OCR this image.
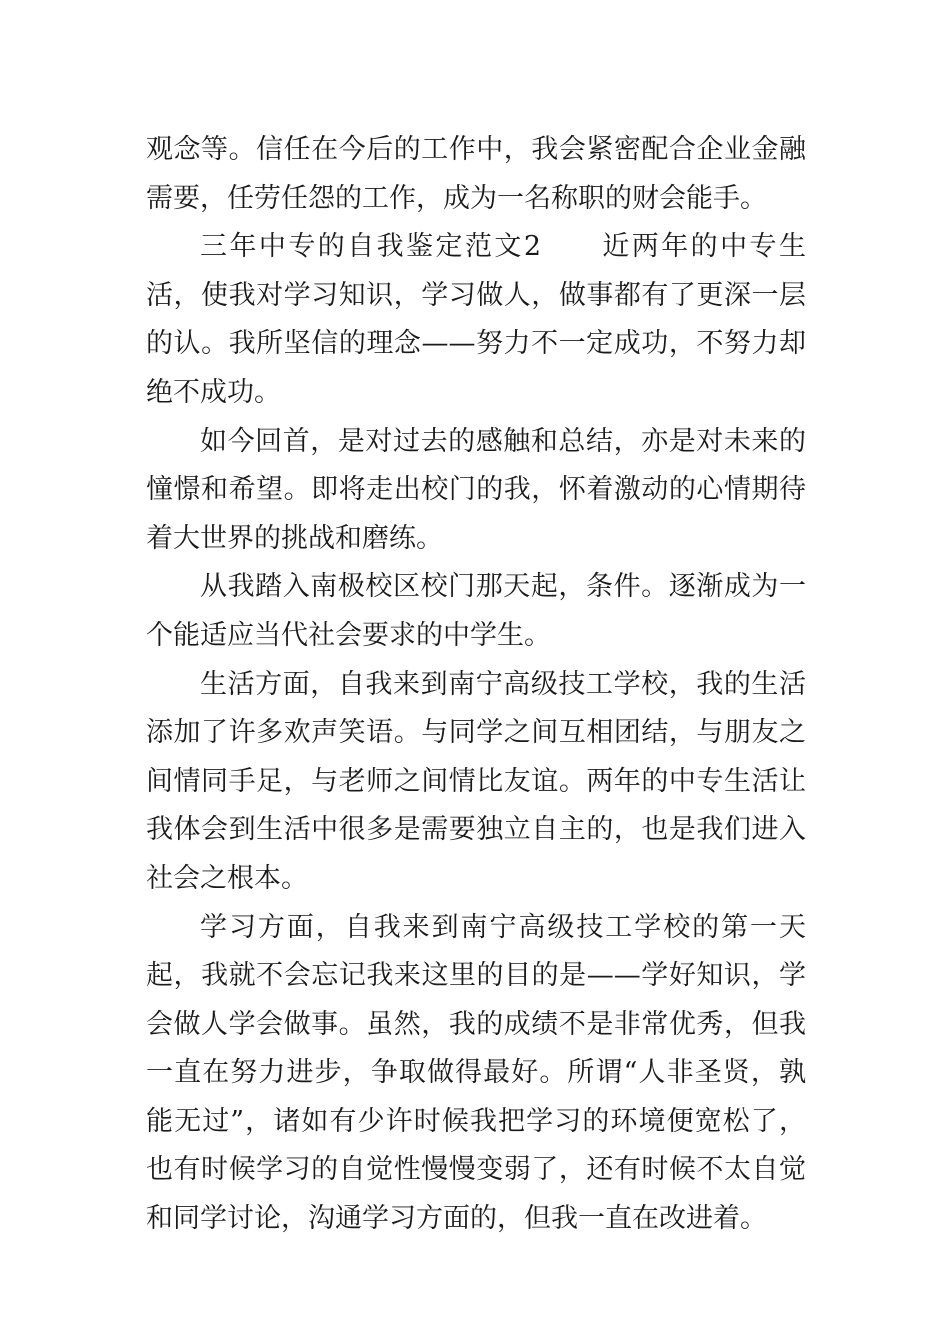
观念等。信任在今后的工作中，我会紧密配合企业金融需要，任劳任怨的工作，成为一名称职的财会能手。

三年中专的自我鉴定范文2　　近两年的中专生活，使我对学习知识，学习做人，做事都有了更深一层的认。我所坚信的理念——努力不一定成功，不努力却绝不成功。

如今回首，是对过去的感触和总结，亦是对未来的憧憬和希望。即将走出校门的我，怀着激动的心情期待着大世界的挑战和磨练。

从我踏入南极校区校门那天起，条件。逐渐成为一个能适应当代社会要求的中学生。

生活方面，自我来到南宁高级技工学校，我的生活添加了许多欢声笑语。与同学之间互相团结，与朋友之间情同手足，与老师之间情比友谊。两年的中专生活让我体会到生活中很多是需要独立自主的，也是我们进入社会之根本。

学习方面，自我来到南宁高级技工学校的第一天起，我就不会忘记我来这里的目的是——学好知识，学会做人学会做事。虽然，我的成绩不是非常优秀，但我一直在努力进步，争取做得最好。所谓“人非圣贤，孰能无过”，诸如有少许时候我把学习的环境便宽松了，也有时候学习的自觉性慢慢变弱了，还有时候不太自觉和同学讨论，沟通学习方面的，但我一直在改进着。
